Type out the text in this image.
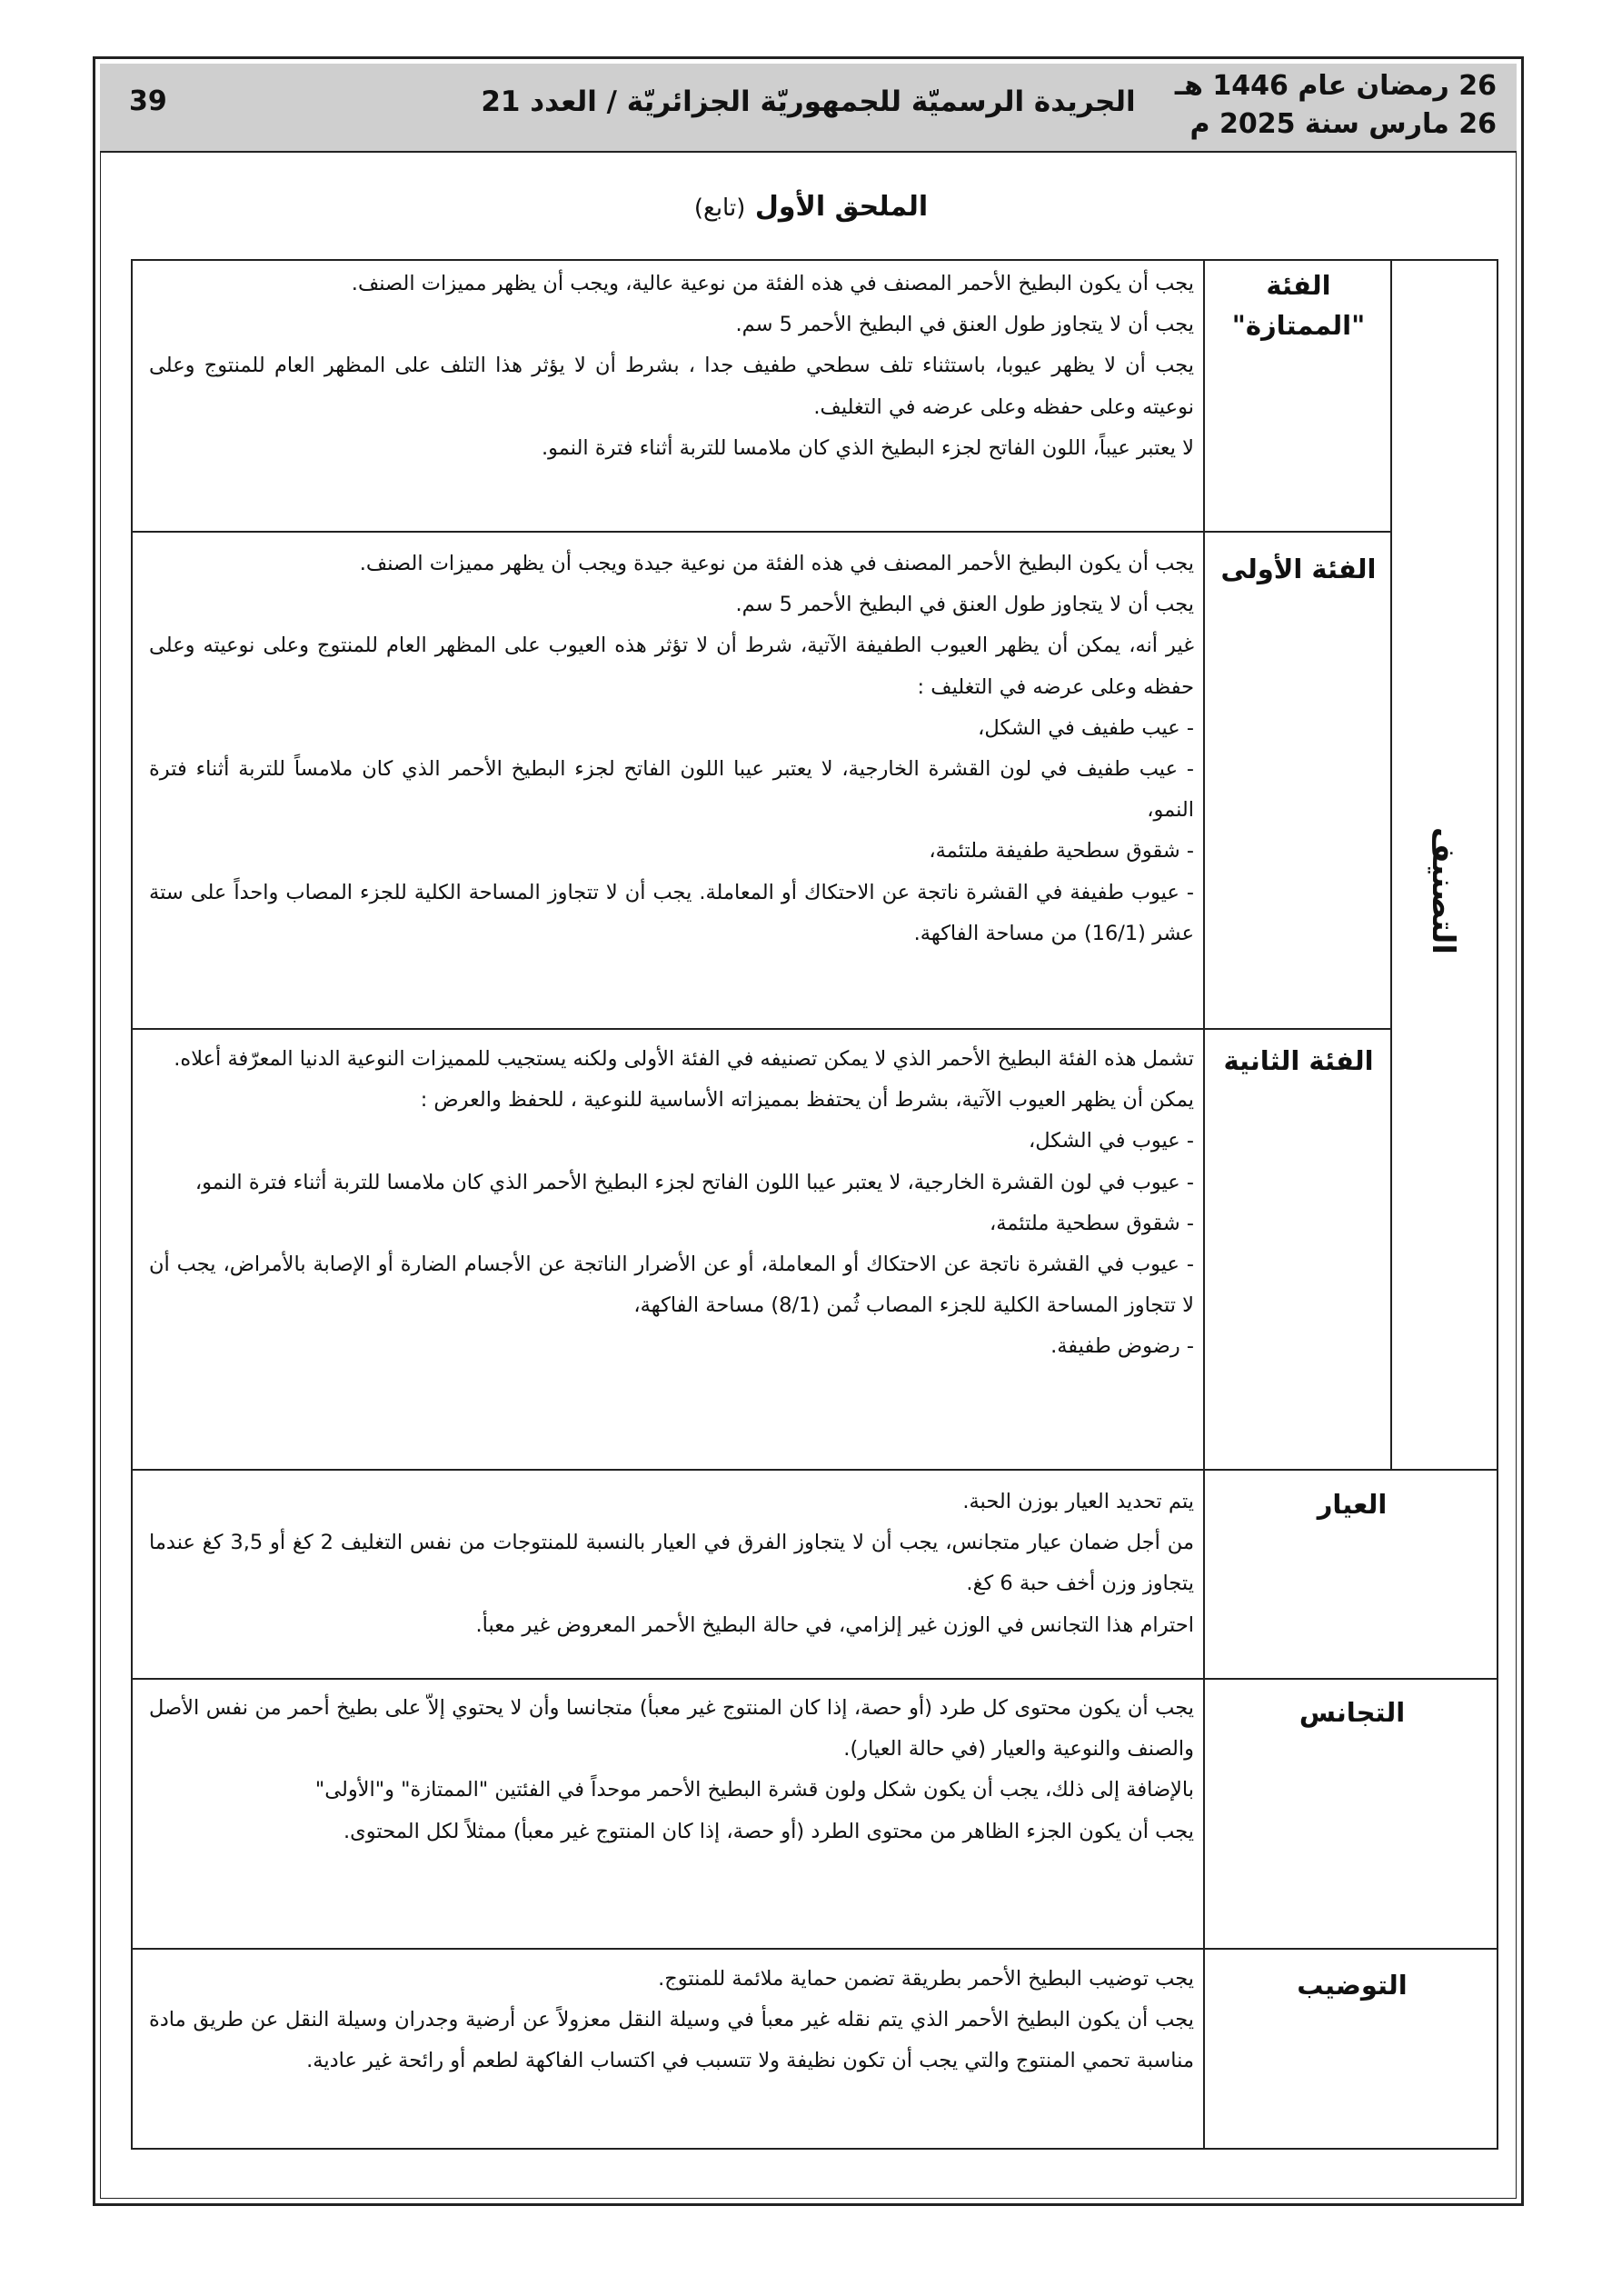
26 رمضان عام 1446 هـ
26 مارس سنة 2025 م
الجريدة الرسميّة للجمهوريّة الجزائريّة / العدد 21
39
الملحق الأول (تابع)
التصنيف
الفئة "الممتازة"

يجب أن يكون البطيخ الأحمر المصنف في هذه الفئة من نوعية عالية، ويجب أن يظهر مميزات الصنف.

يجب أن لا يتجاوز طول العنق في البطيخ الأحمر 5 سم.

يجب أن لا يظهر عيوبا، باستثناء تلف سطحي طفيف جدا ، بشرط أن لا يؤثر هذا التلف على المظهر العام للمنتوج وعلى نوعيته وعلى حفظه وعلى عرضه في التغليف.

لا يعتبر عيباً، اللون الفاتح لجزء البطيخ الذي كان ملامسا للتربة أثناء فترة النمو.

الفئة الأولى

يجب أن يكون البطيخ الأحمر المصنف في هذه الفئة من نوعية جيدة ويجب أن يظهر مميزات الصنف.

يجب أن لا يتجاوز طول العنق في البطيخ الأحمر 5 سم.

غير أنه، يمكن أن يظهر العيوب الطفيفة الآتية، شرط أن لا تؤثر هذه العيوب على المظهر العام للمنتوج وعلى نوعيته وعلى حفظه وعلى عرضه في التغليف :

- عيب طفيف في الشكل،

- عيب طفيف في لون القشرة الخارجية، لا يعتبر عيبا اللون الفاتح لجزء البطيخ الأحمر الذي كان ملامساً للتربة أثناء فترة النمو،

- شقوق سطحية طفيفة ملتئمة،

- عيوب طفيفة في القشرة ناتجة عن الاحتكاك أو المعاملة. يجب أن لا تتجاوز المساحة الكلية للجزء المصاب واحداً على ستة عشر (16/1) من مساحة الفاكهة.

الفئة الثانية

تشمل هذه الفئة البطيخ الأحمر الذي لا يمكن تصنيفه في الفئة الأولى ولكنه يستجيب للمميزات النوعية الدنيا المعرّفة أعلاه.

يمكن أن يظهر العيوب الآتية، بشرط أن يحتفظ بمميزاته الأساسية للنوعية ، للحفظ والعرض :

- عيوب في الشكل،

- عيوب في لون القشرة الخارجية، لا يعتبر عيبا اللون الفاتح لجزء البطيخ الأحمر الذي كان ملامسا للتربة أثناء فترة النمو،

- شقوق سطحية ملتئمة،

- عيوب في القشرة ناتجة عن الاحتكاك أو المعاملة، أو عن الأضرار الناتجة عن الأجسام الضارة أو الإصابة بالأمراض، يجب أن لا تتجاوز المساحة الكلية للجزء المصاب ثُمن (8/1) مساحة الفاكهة،

- رضوض طفيفة.

العيار

يتم تحديد العيار بوزن الحبة.

من أجل ضمان عيار متجانس، يجب أن لا يتجاوز الفرق في العيار بالنسبة للمنتوجات من نفس التغليف 2 كغ أو 3,5 كغ عندما يتجاوز وزن أخف حبة 6 كغ.

احترام هذا التجانس في الوزن غير إلزامي، في حالة البطيخ الأحمر المعروض غير معبأ.

التجانس

يجب أن يكون محتوى كل طرد (أو حصة، إذا كان المنتوج غير معبأ) متجانسا وأن لا يحتوي إلاّ على بطيخ أحمر من نفس الأصل والصنف والنوعية والعيار (في حالة العيار).

بالإضافة إلى ذلك، يجب أن يكون شكل ولون قشرة البطيخ الأحمر موحداً في الفئتين "الممتازة" و"الأولى"

يجب أن يكون الجزء الظاهر من محتوى الطرد (أو حصة، إذا كان المنتوج غير معبأ) ممثلاً لكل المحتوى.

التوضيب

يجب توضيب البطيخ الأحمر بطريقة تضمن حماية ملائمة للمنتوج.

يجب أن يكون البطيخ الأحمر الذي يتم نقله غير معبأ في وسيلة النقل معزولاً عن أرضية وجدران وسيلة النقل عن طريق مادة مناسبة تحمي المنتوج والتي يجب أن تكون نظيفة ولا تتسبب في اكتساب الفاكهة لطعم أو رائحة غير عادية.
